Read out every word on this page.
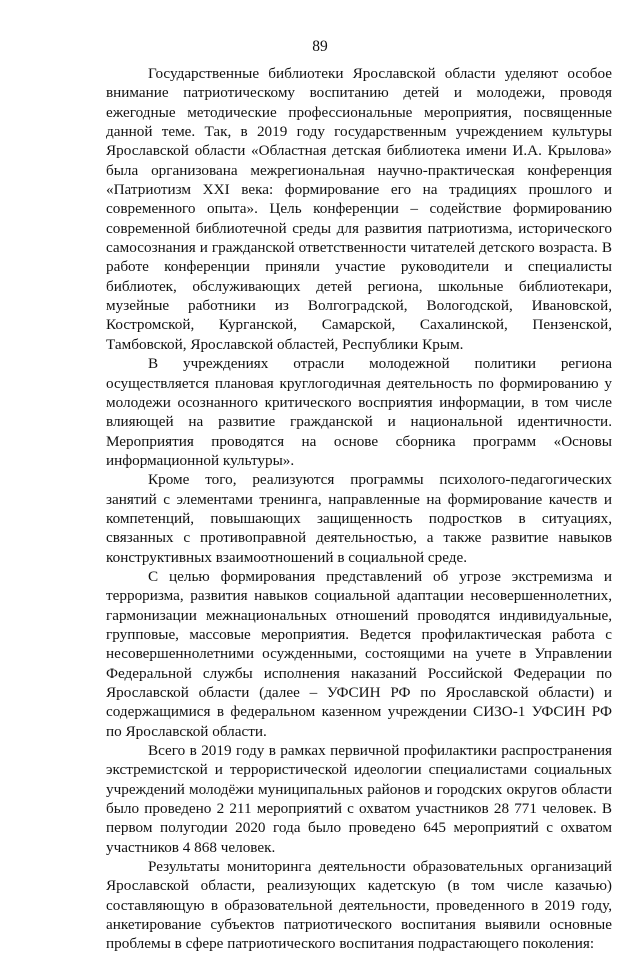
89

Государственные библиотеки Ярославской области уделяют особое внимание патриотическому воспитанию детей и молодежи, проводя ежегодные методические профессиональные мероприятия, посвященные данной теме. Так, в 2019 году государственным учреждением культуры Ярославской области «Областная детская библиотека имени И.А. Крылова» была организована межрегиональная научно-практическая конференция «Патриотизм XXI века: формирование его на традициях прошлого и современного опыта». Цель конференции – содействие формированию современной библиотечной среды для развития патриотизма, исторического самосознания и гражданской ответственности читателей детского возраста. В работе конференции приняли участие руководители и специалисты библиотек, обслуживающих детей региона, школьные библиотекари, музейные работники из Волгоградской, Вологодской, Ивановской, Костромской, Курганской, Самарской, Сахалинской, Пензенской, Тамбовской, Ярославской областей, Республики Крым.

В учреждениях отрасли молодежной политики региона осуществляется плановая круглогодичная деятельность по формированию у молодежи осознанного критического восприятия информации, в том числе влияющей на развитие гражданской и национальной идентичности. Мероприятия проводятся на основе сборника программ «Основы информационной культуры».

Кроме того, реализуются программы психолого-педагогических занятий с элементами тренинга, направленные на формирование качеств и компетенций, повышающих защищенность подростков в ситуациях, связанных с противоправной деятельностью, а также развитие навыков конструктивных взаимоотношений в социальной среде.

С целью формирования представлений об угрозе экстремизма и терроризма, развития навыков социальной адаптации несовершеннолетних, гармонизации межнациональных отношений проводятся индивидуальные, групповые, массовые мероприятия. Ведется профилактическая работа с несовершеннолетними осужденными, состоящими на учете в Управлении Федеральной службы исполнения наказаний Российской Федерации по Ярославской области (далее – УФСИН РФ по Ярославской области) и содержащимися в федеральном казенном учреждении СИЗО-1 УФСИН РФ по Ярославской области.

Всего в 2019 году в рамках первичной профилактики распространения экстремистской и террористической идеологии специалистами социальных учреждений молодёжи муниципальных районов и городских округов области было проведено 2 211 мероприятий с охватом участников 28 771 человек. В первом полугодии 2020 года было проведено 645 мероприятий с охватом участников 4 868 человек.

Результаты мониторинга деятельности образовательных организаций Ярославской области, реализующих кадетскую (в том числе казачью) составляющую в образовательной деятельности, проведенного в 2019 году, анкетирование субъектов патриотического воспитания выявили основные проблемы в сфере патриотического воспитания подрастающего поколения:
